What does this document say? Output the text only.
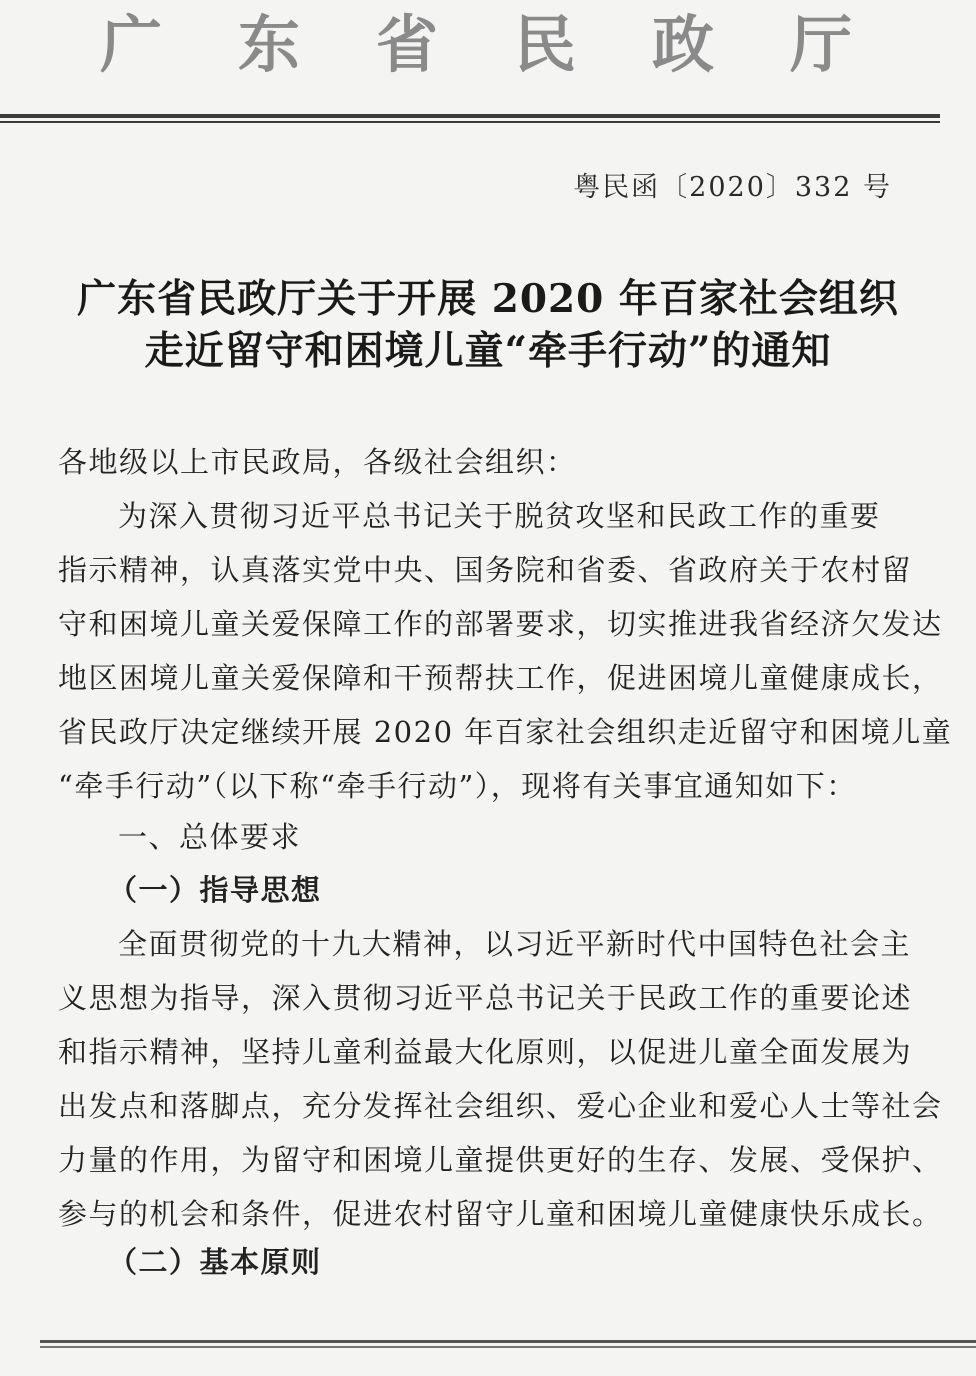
广 东 省 民 政 厅
粤民函〔2020〕332 号
广东省民政厅关于开展 2020 年百家社会组织
走近留守和困境儿童“牵手行动”的通知
各地级以上市民政局，各级社会组织：
为深入贯彻习近平总书记关于脱贫攻坚和民政工作的重要
指示精神，认真落实党中央、国务院和省委、省政府关于农村留
守和困境儿童关爱保障工作的部署要求，切实推进我省经济欠发达
地区困境儿童关爱保障和干预帮扶工作，促进困境儿童健康成长，
省民政厅决定继续开展 2020 年百家社会组织走近留守和困境儿童
“牵手行动”（以下称“牵手行动”），现将有关事宜通知如下：
一、总体要求
（一）指导思想
全面贯彻党的十九大精神，以习近平新时代中国特色社会主
义思想为指导，深入贯彻习近平总书记关于民政工作的重要论述
和指示精神，坚持儿童利益最大化原则，以促进儿童全面发展为
出发点和落脚点，充分发挥社会组织、爱心企业和爱心人士等社会
力量的作用，为留守和困境儿童提供更好的生存、发展、受保护、
参与的机会和条件，促进农村留守儿童和困境儿童健康快乐成长。
（二）基本原则
